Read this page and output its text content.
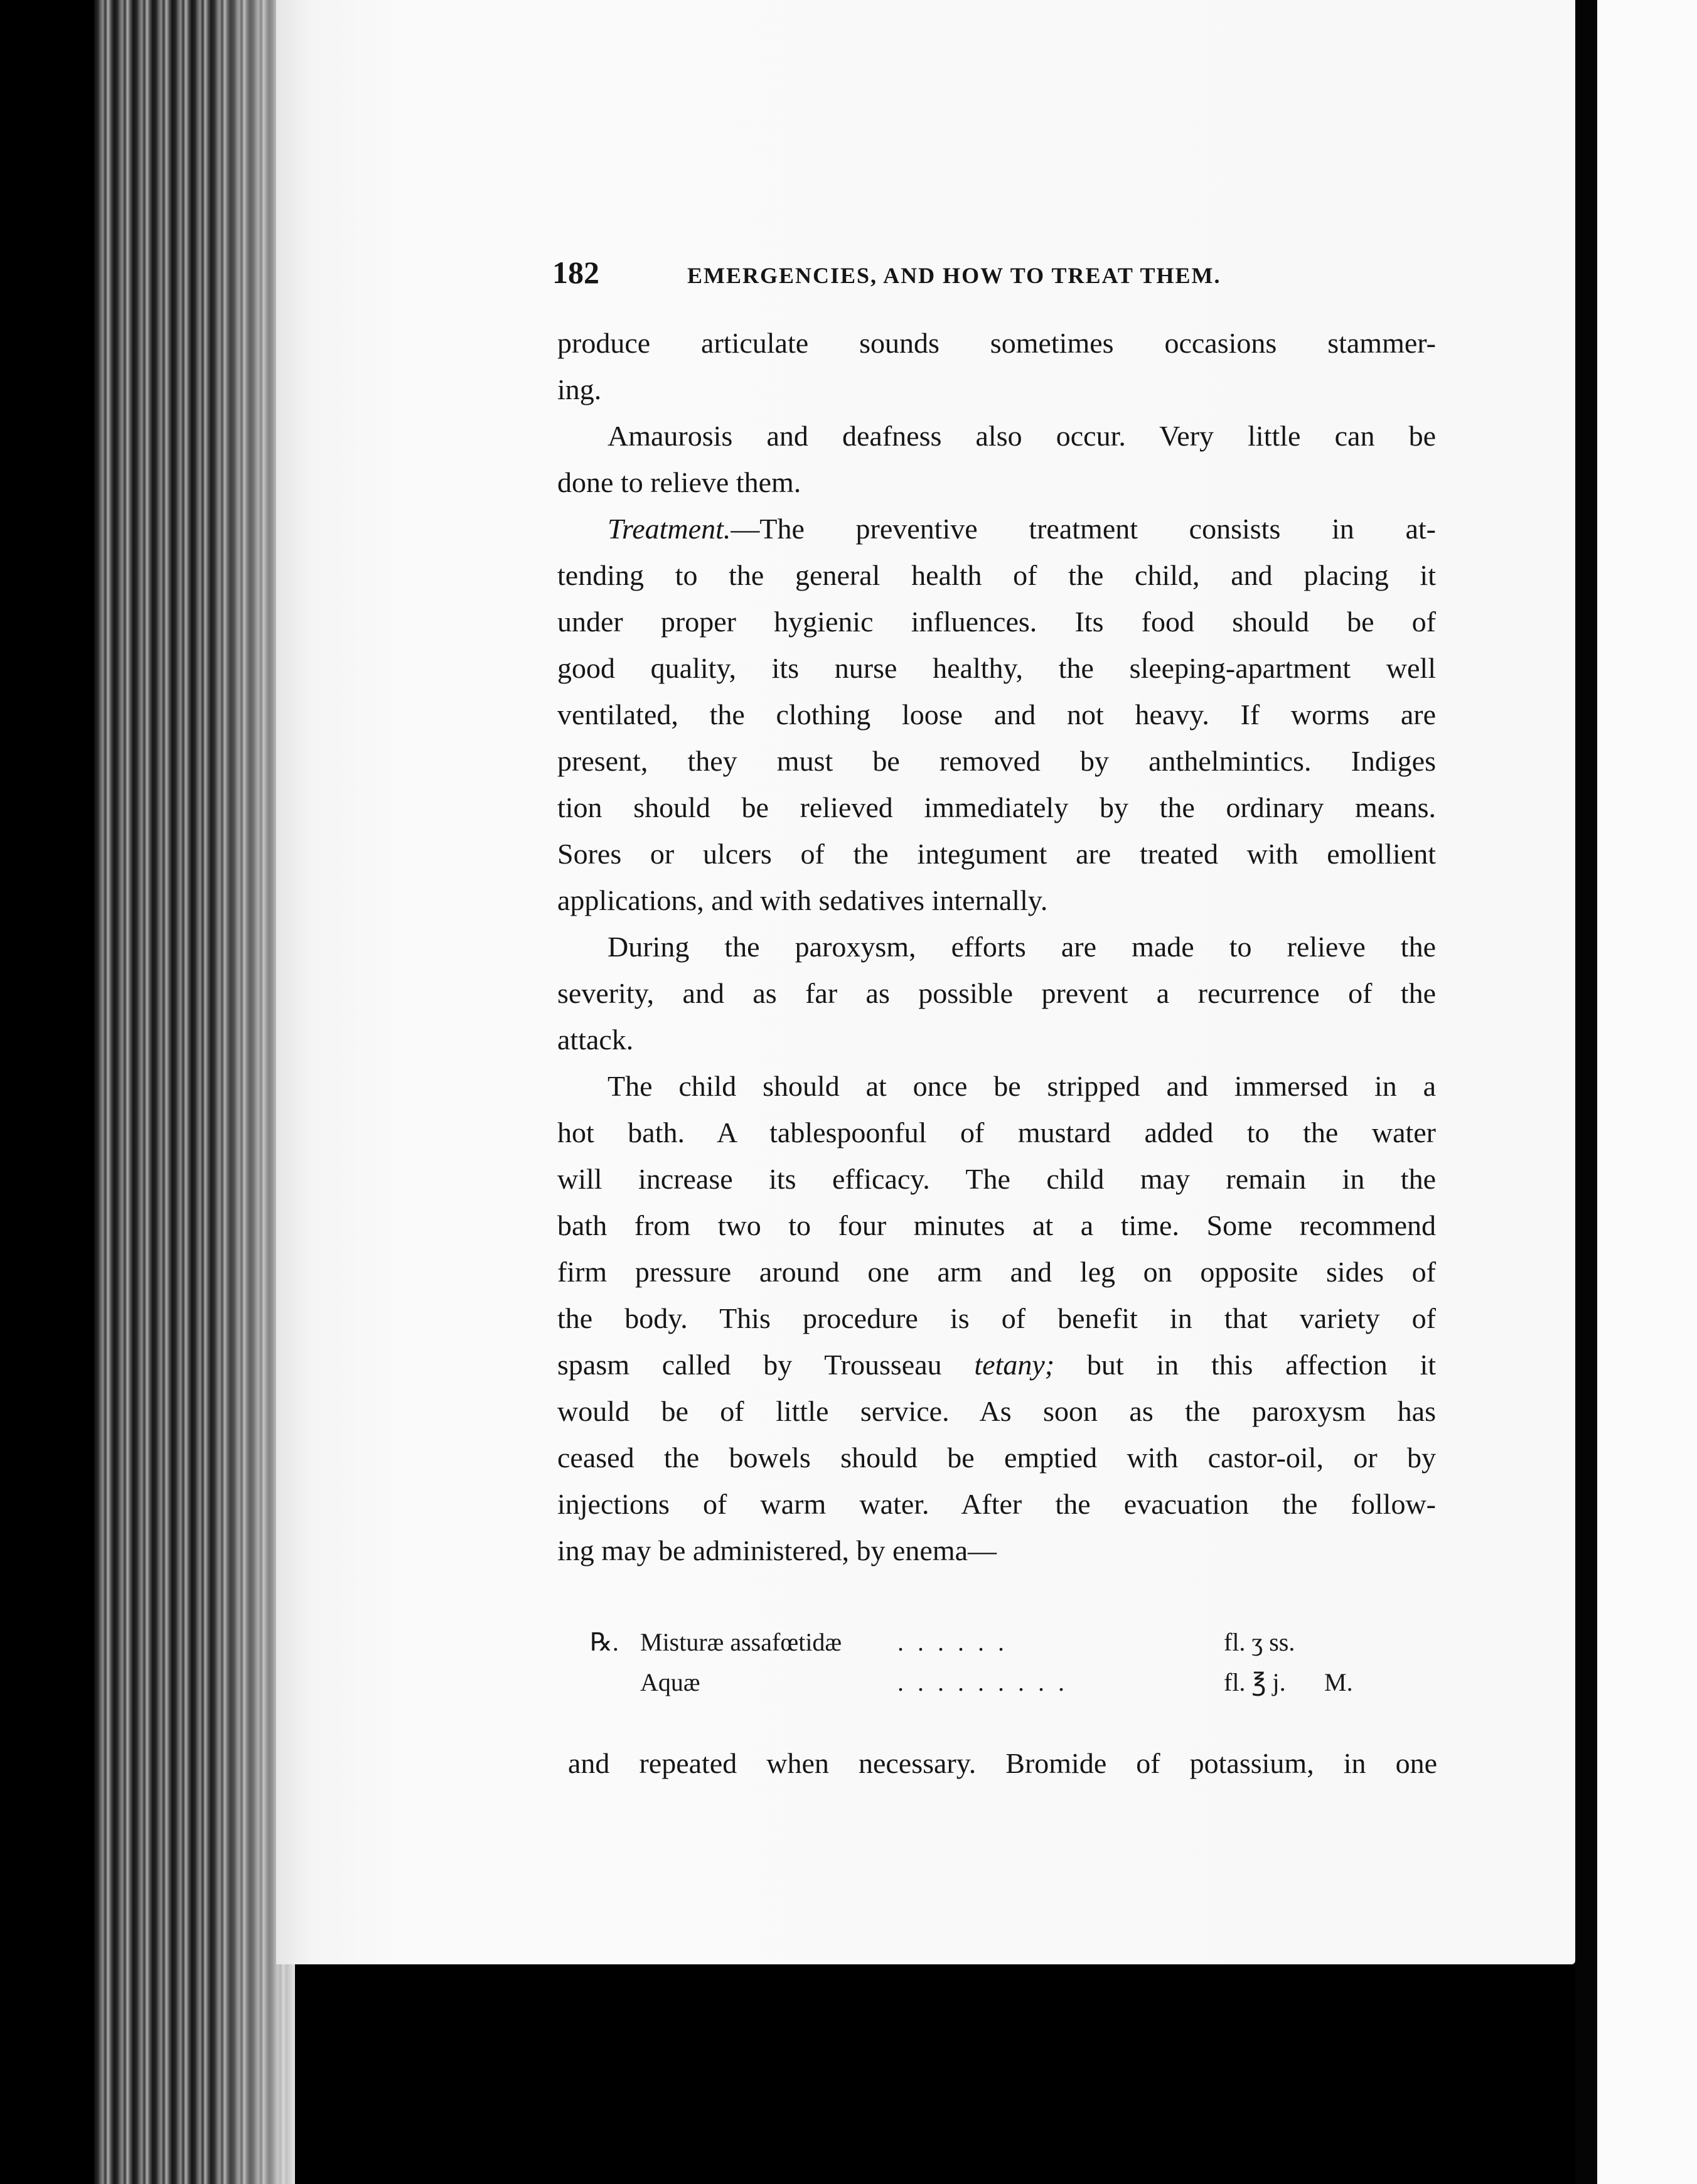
182	EMERGENCIES, AND HOW TO TREAT THEM.
produce articulate sounds sometimes occasions stammer-
ing.
Amaurosis and deafness also occur. Very little can be
done to relieve them.
Treatment.—The preventive treatment consists in at-
tending to the general health of the child, and placing it
under proper hygienic influences. Its food should be of
good quality, its nurse healthy, the sleeping-apartment well
ventilated, the clothing loose and not heavy. If worms are
present, they must be removed by anthelmintics. Indiges
tion should be relieved immediately by the ordinary means.
Sores or ulcers of the integument are treated with emollient
applications, and with sedatives internally.
During the paroxysm, efforts are made to relieve the
severity, and as far as possible prevent a recurrence of the
attack.
The child should at once be stripped and immersed in a
hot bath. A tablespoonful of mustard added to the water
will increase its efficacy. The child may remain in the
bath from two to four minutes at a time. Some recommend
firm pressure around one arm and leg on opposite sides of
the body. This procedure is of benefit in that variety of
spasm called by Trousseau tetany; but in this affection it
would be of little service. As soon as the paroxysm has
ceased the bowels should be emptied with castor-oil, or by
injections of warm water. After the evacuation the follow-
ing may be administered, by enema—
℞. Misturæ assafœtidæ	......	fl. ʒ ss.
Aquæ	.........	fl. ℥ j.	M.
and repeated when necessary. Bromide of potassium, in one
